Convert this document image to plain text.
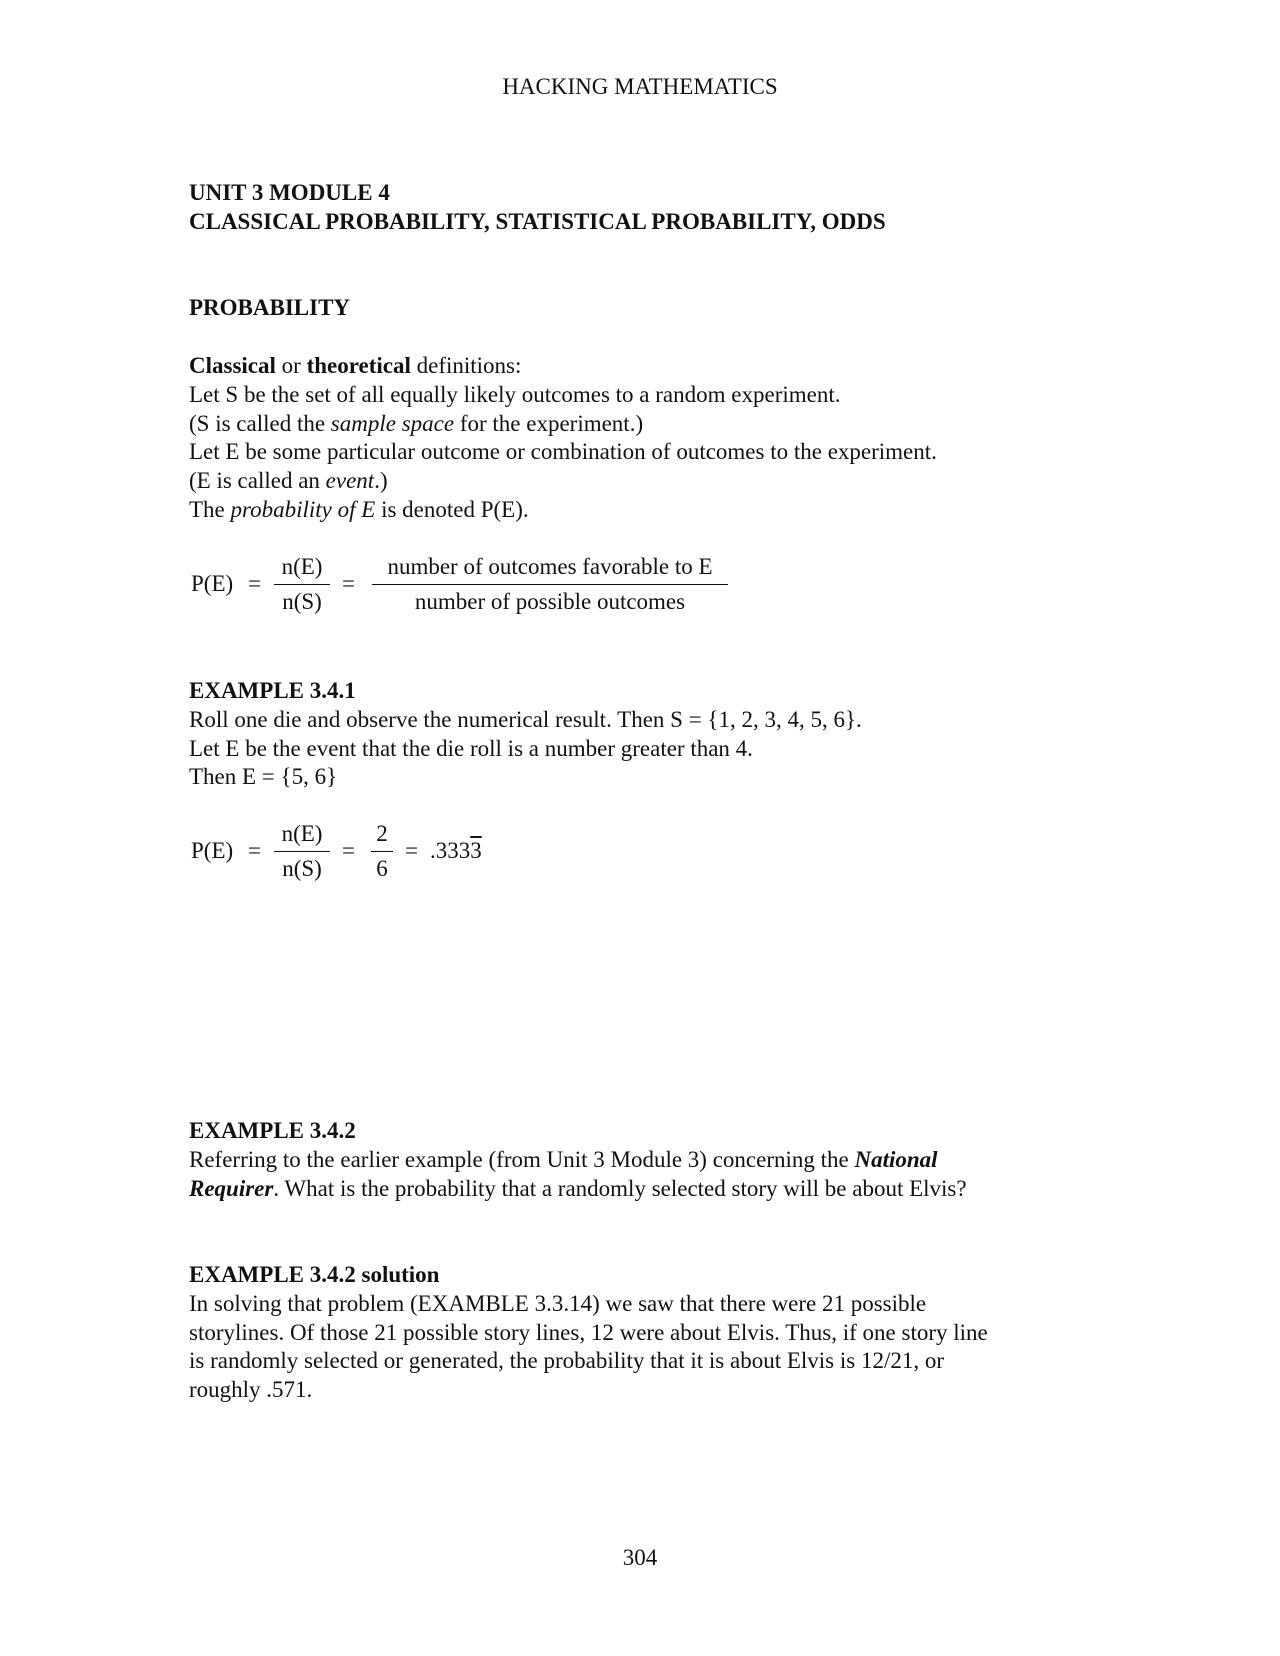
HACKING MATHEMATICS
UNIT 3 MODULE 4
CLASSICAL PROBABILITY, STATISTICAL PROBABILITY, ODDS
PROBABILITY
Classical or theoretical definitions:
Let S be the set of all equally likely outcomes to a random experiment.
(S is called the sample space for the experiment.)
Let E be some particular outcome or combination of outcomes to the experiment.
(E is called an event.)
The probability of E is denoted P(E).
$P(E) = \frac{n(E)}{n(S)}$ =
number of outcomes favorable to E
number of possible outcomes
EXAMPLE 3.4.1
Roll one die and observe the numerical result. Then S = {1, 2, 3, 4, 5, 6}.
Let E be the event that the die roll is a number greater than 4.
Then E = {5, 6}
$P(E) = \frac{n(E)}{n(S)} = \frac{2}{6} = .3333$
EXAMPLE 3.4.2
Referring to the earlier example (from Unit 3 Module 3) concerning the National
Requirer. What is the probability that a randomly selected story will be about Elvis?
EXAMPLE 3.4.2 solution
In solving that problem (EXAMBLE 3.3.14) we saw that there were 21 possible
storylines. Of those 21 possible story lines, 12 were about Elvis. Thus, if one story line
is randomly selected or generated, the probability that it is about Elvis is 12/21, or
roughly .571.
304
